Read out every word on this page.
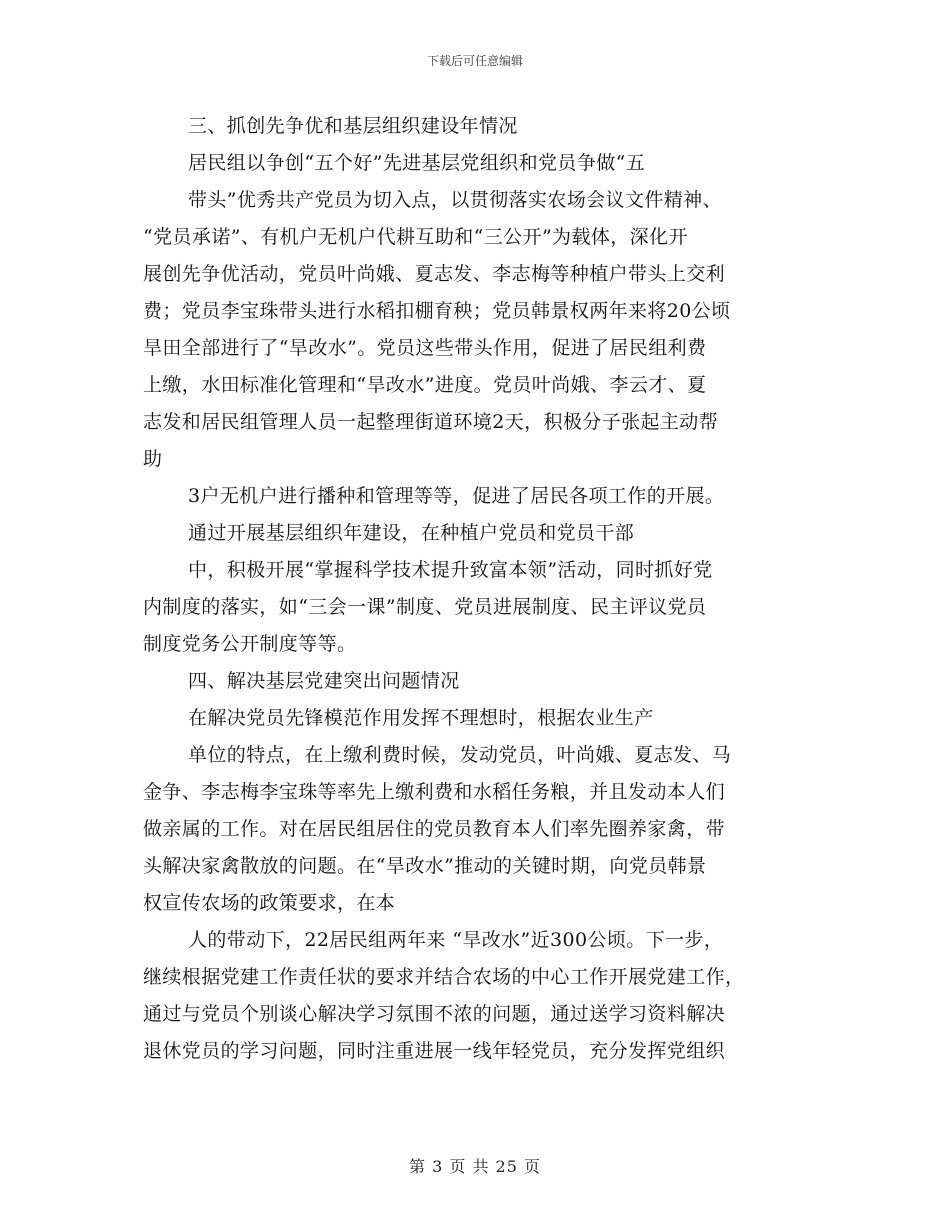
下载后可任意编辑
三、抓创先争优和基层组织建设年情况
居民组以争创“五个好”先进基层党组织和党员争做“五
带头”优秀共产党员为切入点，以贯彻落实农场会议文件精神、
“党员承诺”、有机户无机户代耕互助和“三公开”为载体，深化开
展创先争优活动，党员叶尚娥、夏志发、李志梅等种植户带头上交利
费；党员李宝珠带头进行水稻扣棚育秧；党员韩景权两年来将20公顷
旱田全部进行了“旱改水”。党员这些带头作用，促进了居民组利费
上缴，水田标准化管理和“旱改水”进度。党员叶尚娥、李云才、夏
志发和居民组管理人员一起整理街道环境2天，积极分子张起主动帮
助
3户无机户进行播种和管理等等，促进了居民各项工作的开展。
通过开展基层组织年建设，在种植户党员和党员干部
中，积极开展“掌握科学技术提升致富本领”活动，同时抓好党
内制度的落实，如“三会一课”制度、党员进展制度、民主评议党员
制度党务公开制度等等。
四、解决基层党建突出问题情况
在解决党员先锋模范作用发挥不理想时，根据农业生产
单位的特点，在上缴利费时候，发动党员，叶尚娥、夏志发、马
金争、李志梅李宝珠等率先上缴利费和水稻任务粮，并且发动本人们
做亲属的工作。对在居民组居住的党员教育本人们率先圈养家禽，带
头解决家禽散放的问题。在“旱改水”推动的关键时期，向党员韩景
权宣传农场的政策要求，在本
人的带动下，22居民组两年来 “旱改水”近300公顷。下一步，
继续根据党建工作责任状的要求并结合农场的中心工作开展党建工作，
通过与党员个别谈心解决学习氛围不浓的问题，通过送学习资料解决
退休党员的学习问题，同时注重进展一线年轻党员，充分发挥党组织
第 3 页 共 25 页
